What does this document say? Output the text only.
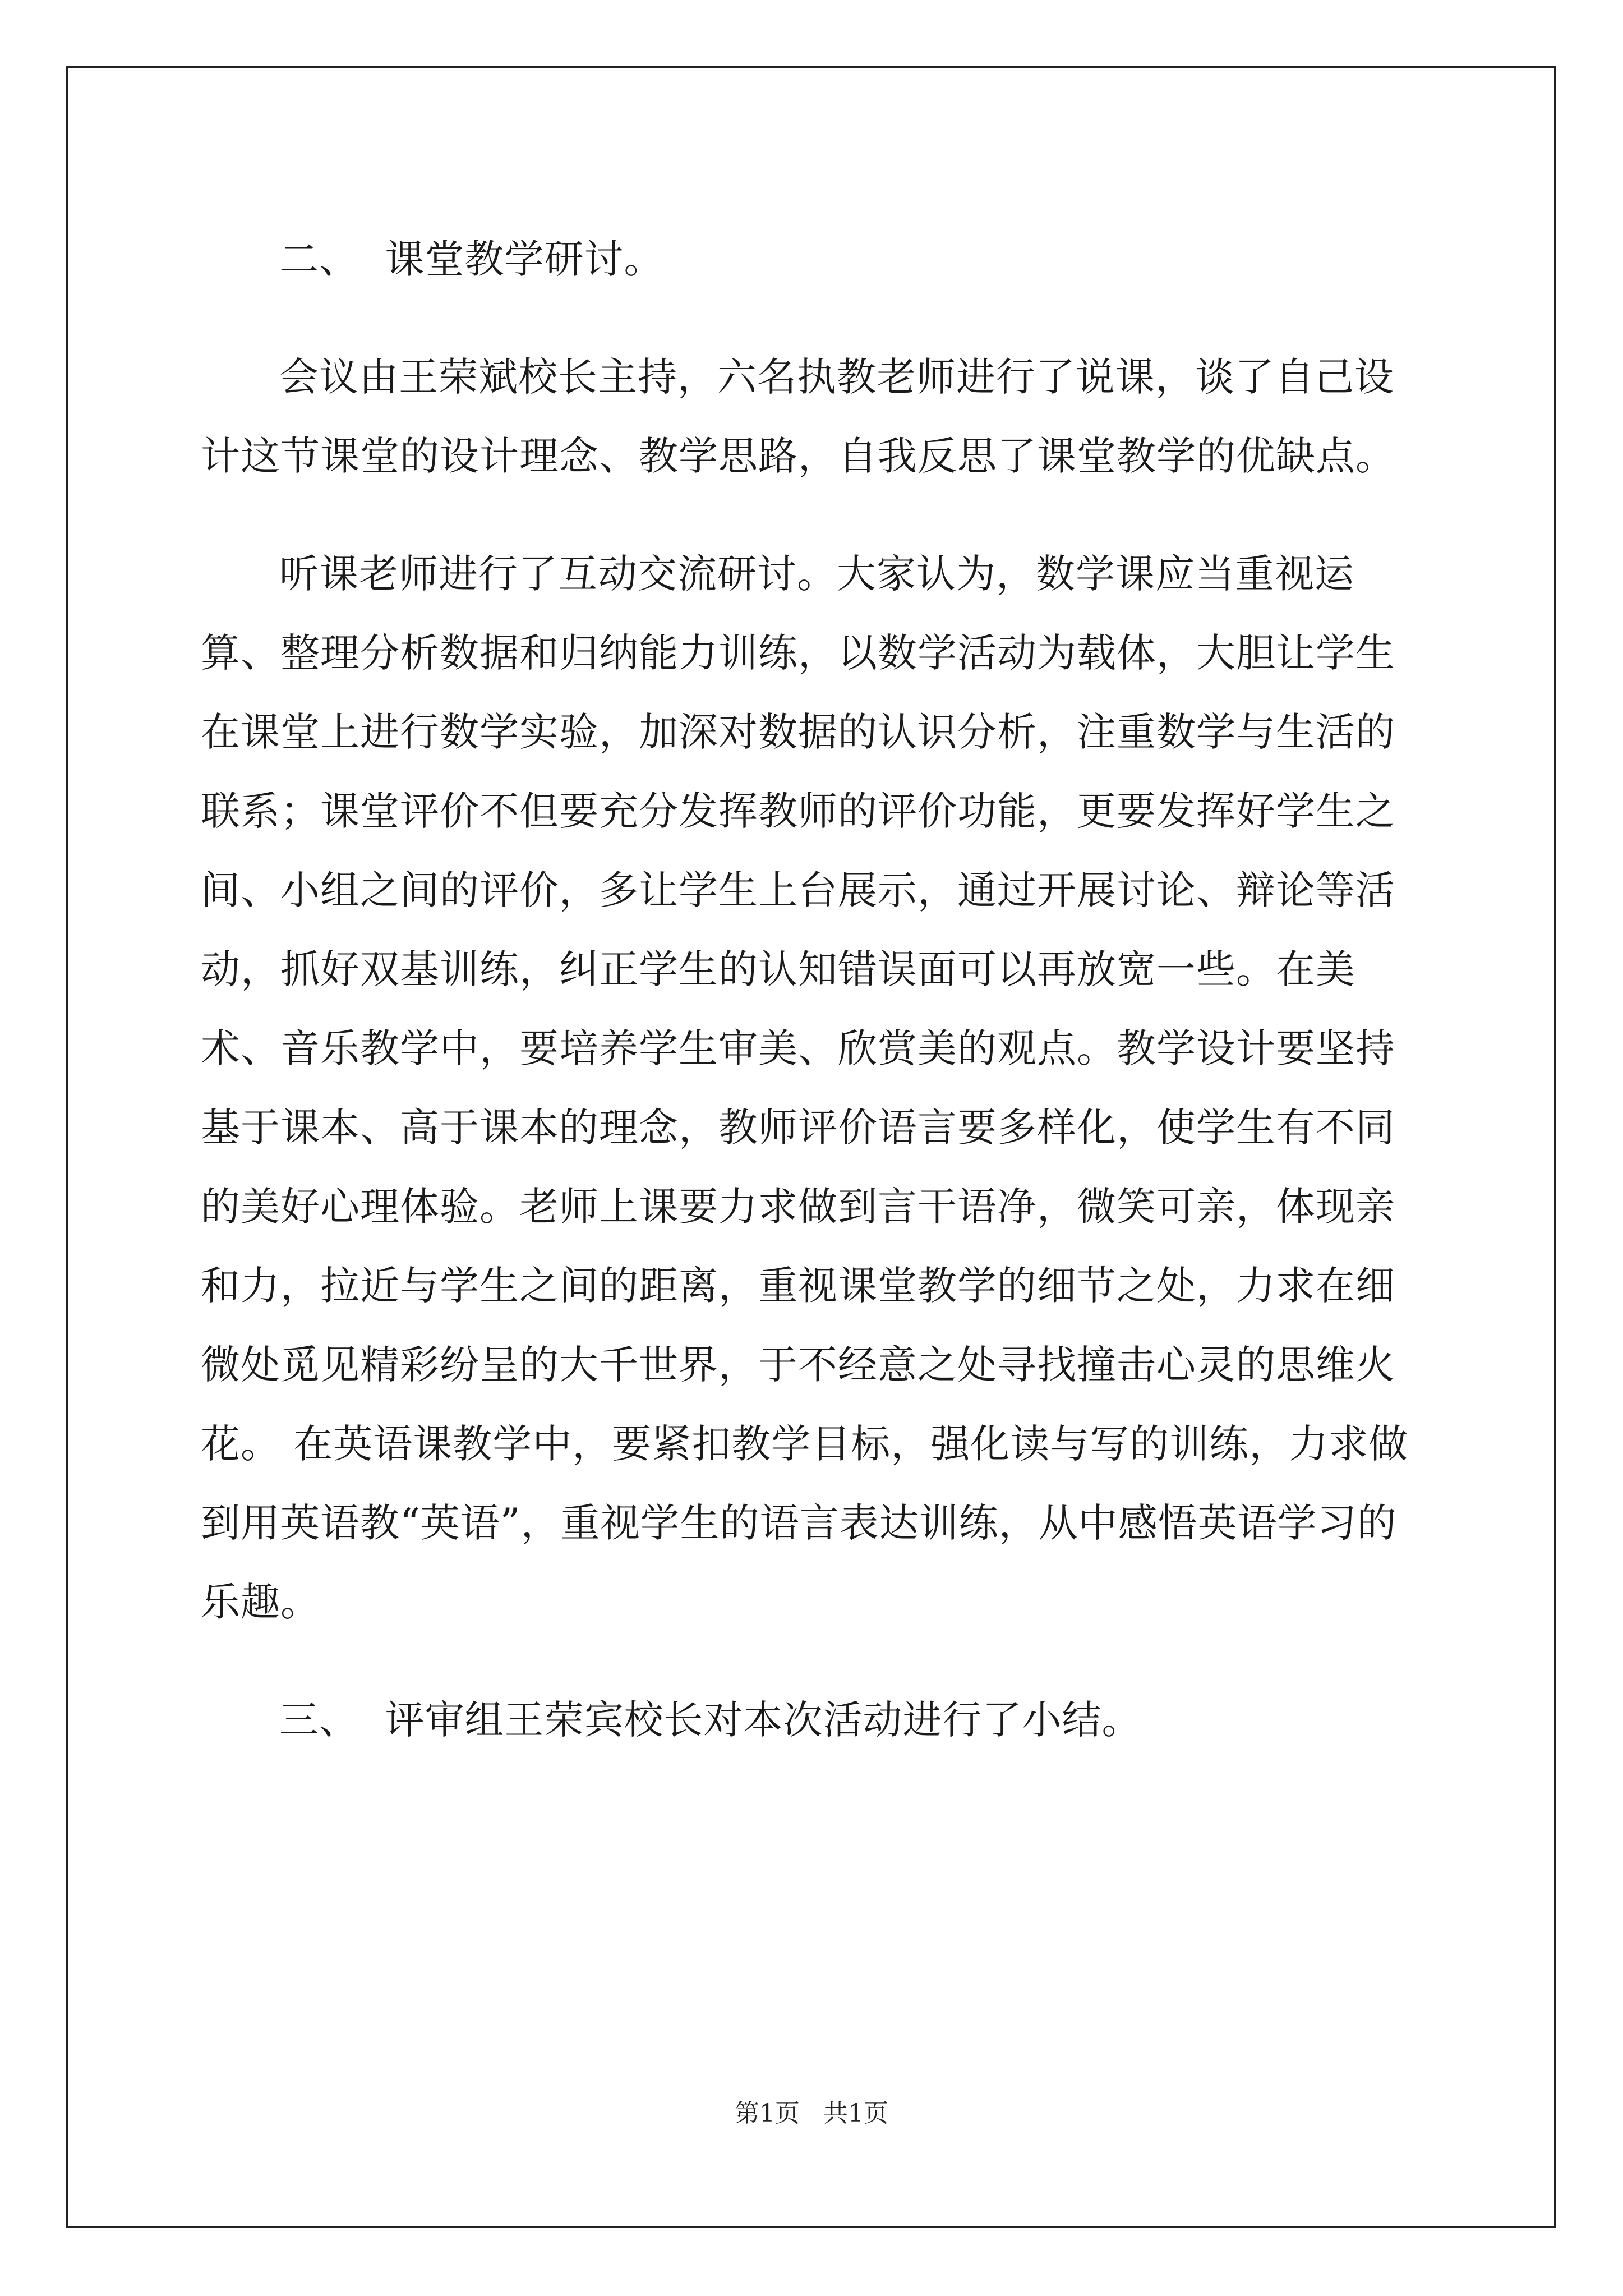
二、  课堂教学研讨。

会议由王荣斌校长主持，六名执教老师进行了说课，谈了自己设计这节课堂的设计理念、教学思路，自我反思了课堂教学的优缺点。

听课老师进行了互动交流研讨。大家认为，数学课应当重视运算、整理分析数据和归纳能力训练，以数学活动为载体，大胆让学生在课堂上进行数学实验，加深对数据的认识分析，注重数学与生活的联系；课堂评价不但要充分发挥教师的评价功能，更要发挥好学生之间、小组之间的评价，多让学生上台展示，通过开展讨论、辩论等活动，抓好双基训练，纠正学生的认知错误面可以再放宽一些。在美术、音乐教学中，要培养学生审美、欣赏美的观点。教学设计要坚持基于课本、高于课本的理念，教师评价语言要多样化，使学生有不同的美好心理体验。老师上课要力求做到言干语净，微笑可亲，体现亲和力，拉近与学生之间的距离，重视课堂教学的细节之处，力求在细微处觅见精彩纷呈的大千世界，于不经意之处寻找撞击心灵的思维火花。 在英语课教学中，要紧扣教学目标，强化读与写的训练，力求做到用英语教“英语”，重视学生的语言表达训练，从中感悟英语学习的乐趣。

三、  评审组王荣宾校长对本次活动进行了小结。

第1页   共1页
